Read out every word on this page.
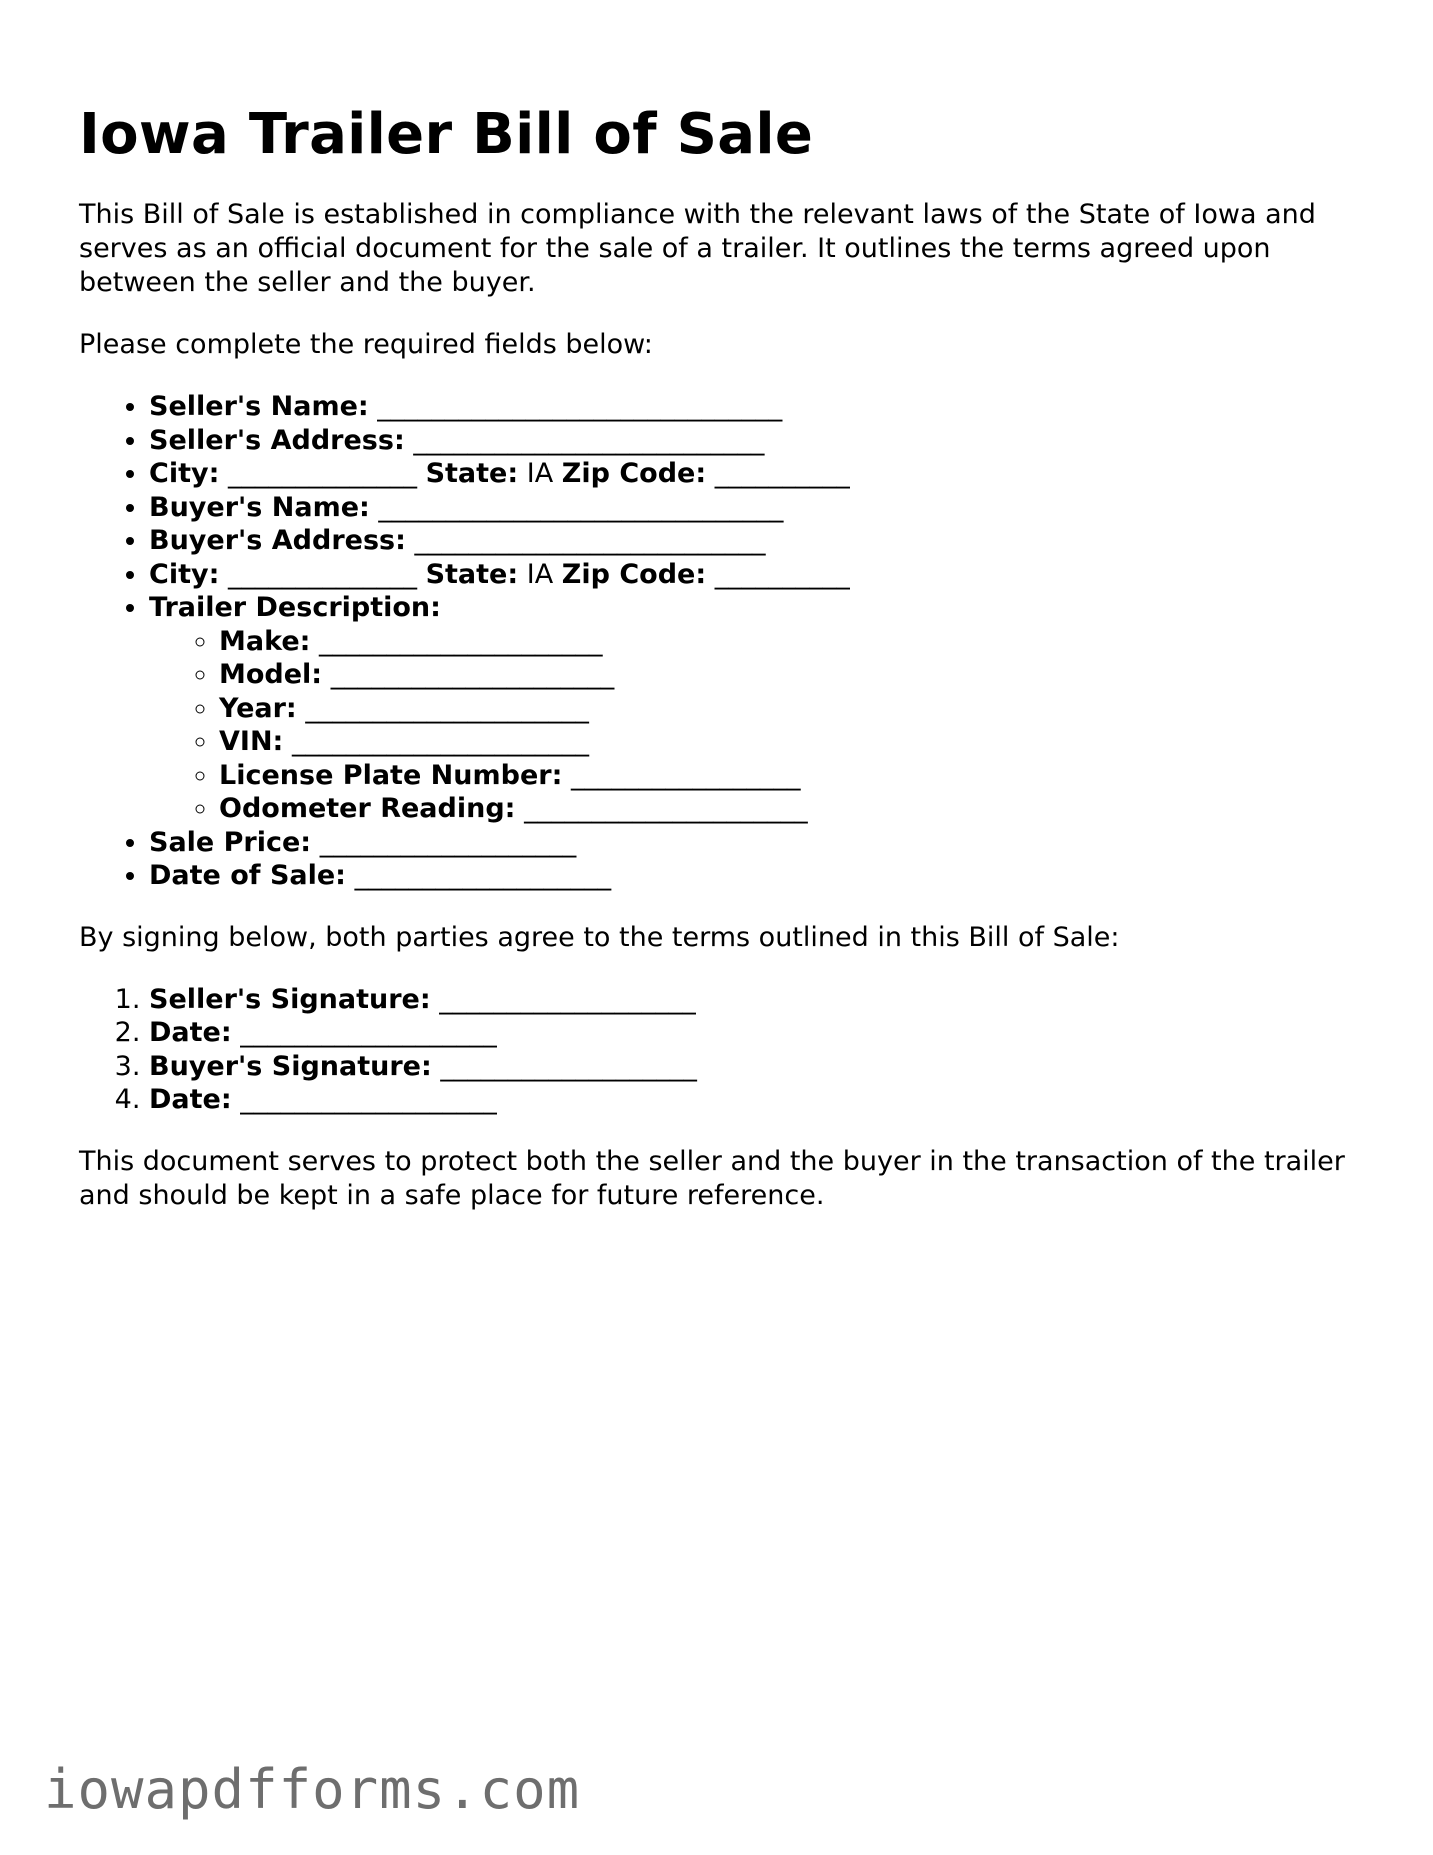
Iowa Trailer Bill of Sale

This Bill of Sale is established in compliance with the relevant laws of the State of Iowa and serves as an official document for the sale of a trailer. It outlines the terms agreed upon between the seller and the buyer.

Please complete the required fields below:

• Seller's Name: ______________________________
• Seller's Address: __________________________
• City: ______________ State: IA Zip Code: __________
• Buyer's Name: ______________________________
• Buyer's Address: __________________________
• City: ______________ State: IA Zip Code: __________
• Trailer Description:
◦ Make: _____________________
◦ Model: _____________________
◦ Year: _____________________
◦ VIN: ______________________
◦ License Plate Number: _________________
◦ Odometer Reading: _____________________
• Sale Price: ___________________
• Date of Sale: ___________________

By signing below, both parties agree to the terms outlined in this Bill of Sale:

1. Seller's Signature: ___________________
2. Date: ___________________
3. Buyer's Signature: ___________________
4. Date: ___________________

This document serves to protect both the seller and the buyer in the transaction of the trailer and should be kept in a safe place for future reference.

iowapdfforms.com
